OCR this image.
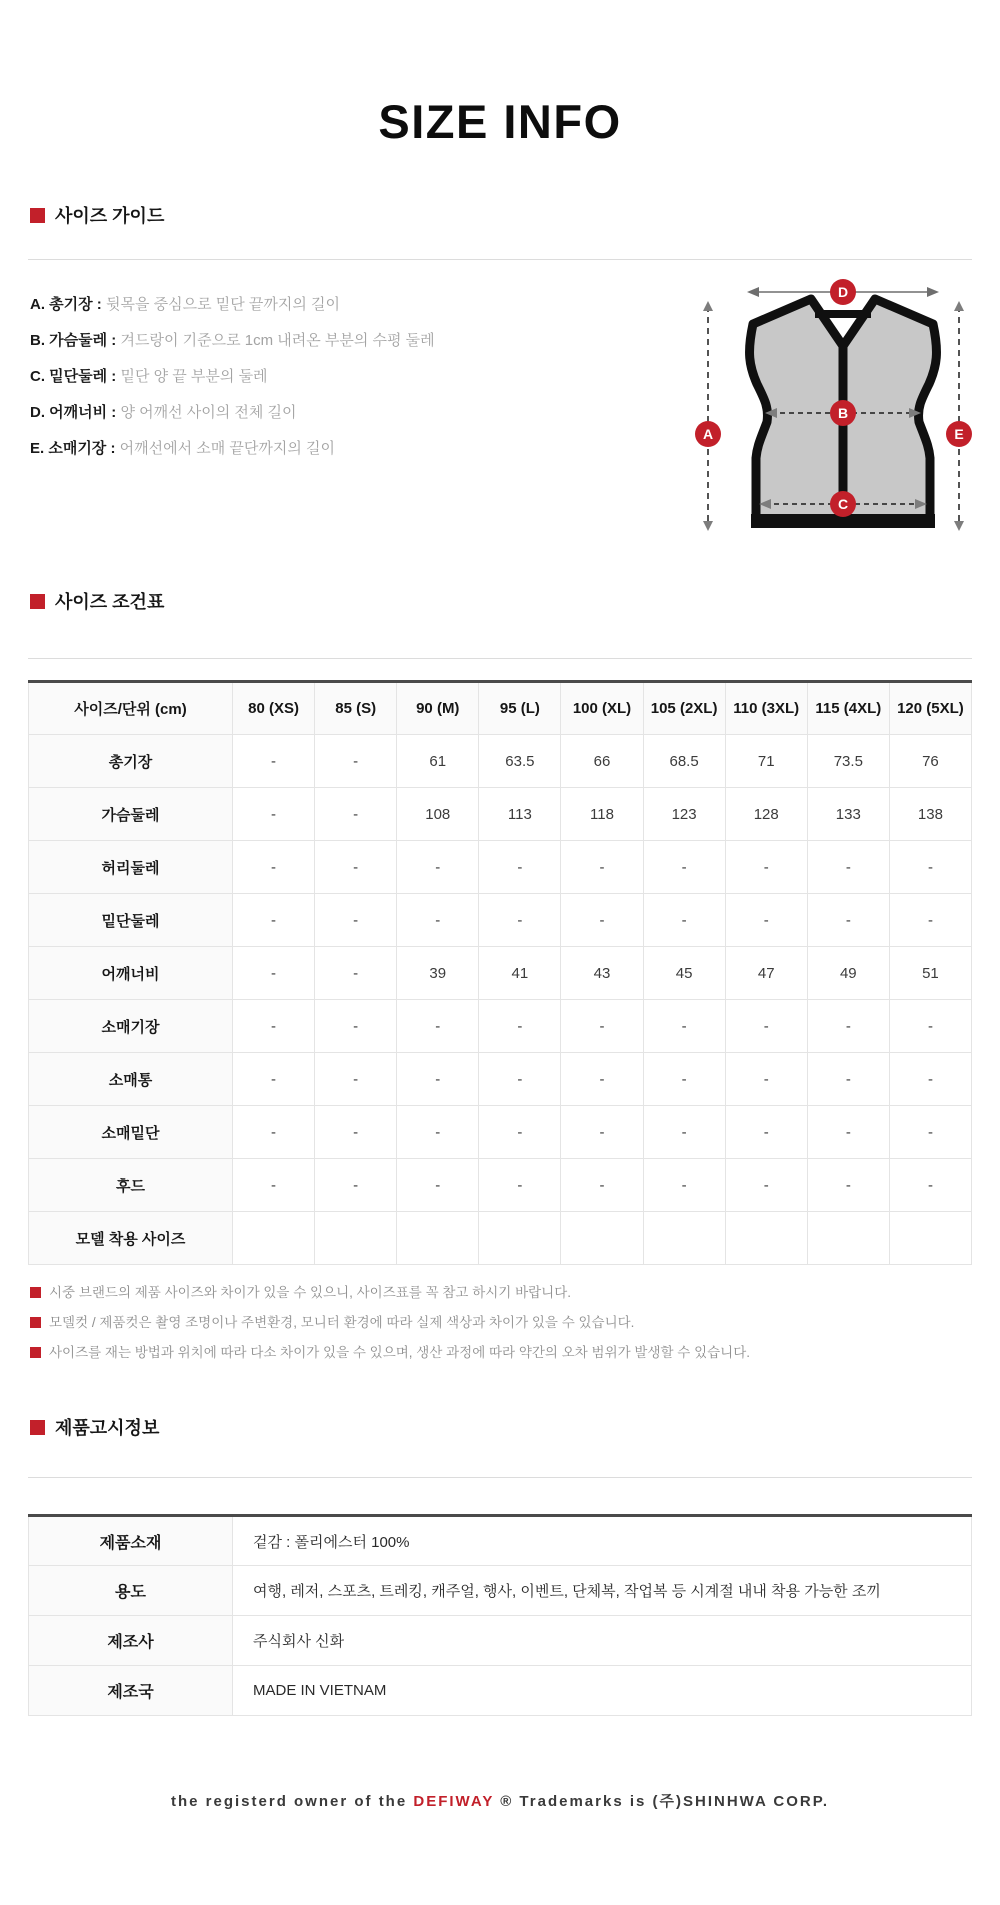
SIZE INFO
사이즈 가이드
A. 총기장 : 뒷목을 중심으로 밑단 끝까지의 길이
B. 가슴둘레 : 겨드랑이 기준으로 1cm 내려온 부분의 수평 둘레
C. 밑단둘레 : 밑단 양 끝 부분의 둘레
D. 어깨너비 : 양 어깨선 사이의 전체 길이
E. 소매기장 : 어깨선에서 소매 끝단까지의 길이
D
B
C
A	E
사이즈 조건표
사이즈/단위 (cm)	80 (XS)	85 (S)	90 (M)	95 (L)	100 (XL)	105 (2XL)	110 (3XL)	115 (4XL)	120 (5XL)
총기장	-	-	61	63.5	66	68.5	71	73.5	76
가슴둘레	-	-	108	113	118	123	128	133	138
허리둘레	-	-	-	-	-	-	-	-	-
밑단둘레	-	-	-	-	-	-	-	-	-
어깨너비	-	-	39	41	43	45	47	49	51
소매기장	-	-	-	-	-	-	-	-	-
소매통	-	-	-	-	-	-	-	-	-
소매밑단	-	-	-	-	-	-	-	-	-
후드	-	-	-	-	-	-	-	-	-
모델 착용 사이즈									
시중 브랜드의 제품 사이즈와 차이가 있을 수 있으니, 사이즈표를 꼭 참고 하시기 바랍니다.
모델컷 / 제품컷은 촬영 조명이나 주변환경, 모니터 환경에 따라 실제 색상과 차이가 있을 수 있습니다.
사이즈를 재는 방법과 위치에 따라 다소 차이가 있을 수 있으며, 생산 과정에 따라 약간의 오차 범위가 발생할 수 있습니다.
제품고시정보
제품소재	겉감 : 폴리에스터 100%
용도	여행, 레저, 스포츠, 트레킹, 캐주얼, 행사, 이벤트, 단체복, 작업복 등 시계절 내내 착용 가능한 조끼
제조사	주식회사 신화
제조국	MADE IN VIETNAM
the registerd owner of the DEFIWAY ® Trademarks is (주)SHINHWA CORP.
